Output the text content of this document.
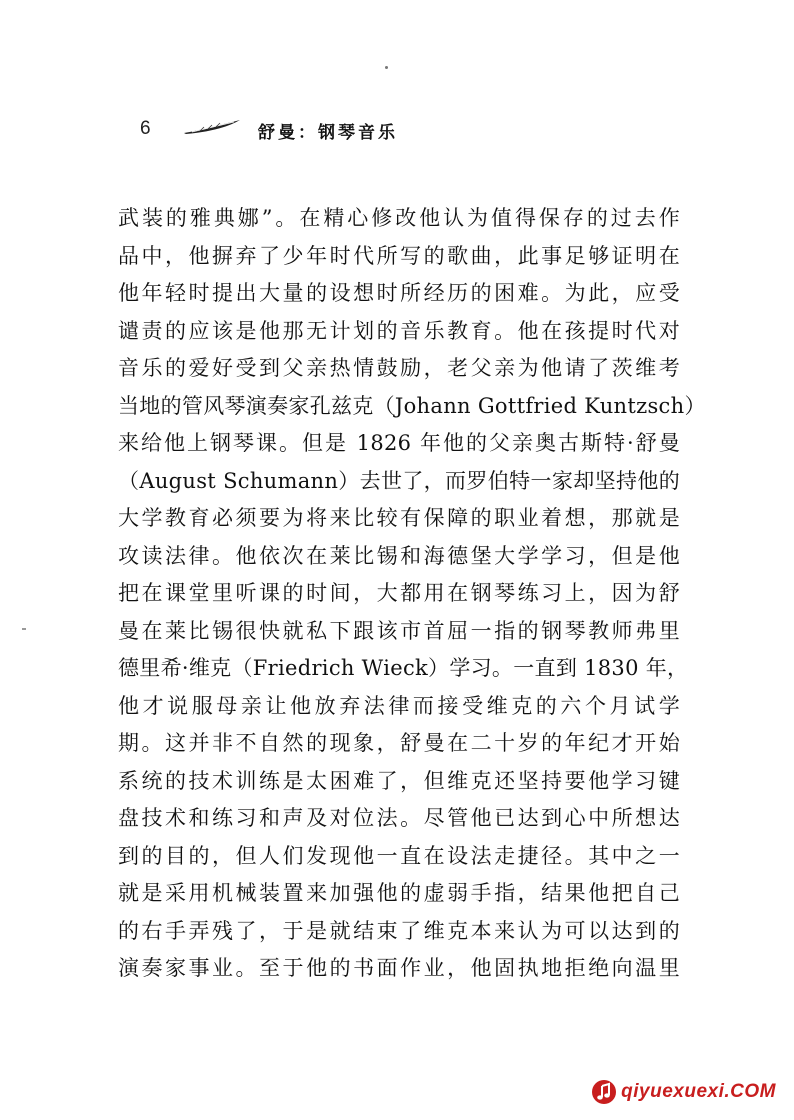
6	舒曼：钢琴音乐
武装的雅典娜”。在精心修改他认为值得保存的过去作
品中，他摒弃了少年时代所写的歌曲，此事足够证明在
他年轻时提出大量的设想时所经历的困难。为此，应受
谴责的应该是他那无计划的音乐教育。他在孩提时代对
音乐的爱好受到父亲热情鼓励，老父亲为他请了茨维考
当地的管风琴演奏家孔兹克（Johann Gottfried Kuntzsch）
来给他上钢琴课。但是 1826 年他的父亲奥古斯特·舒曼
（August Schumann）去世了，而罗伯特一家却坚持他的
大学教育必须要为将来比较有保障的职业着想，那就是
攻读法律。他依次在莱比锡和海德堡大学学习，但是他
把在课堂里听课的时间，大都用在钢琴练习上，因为舒
曼在莱比锡很快就私下跟该市首屈一指的钢琴教师弗里
德里希·维克（Friedrich Wieck）学习。一直到 1830 年，
他才说服母亲让他放弃法律而接受维克的六个月试学
期。这并非不自然的现象，舒曼在二十岁的年纪才开始
系统的技术训练是太困难了，但维克还坚持要他学习键
盘技术和练习和声及对位法。尽管他已达到心中所想达
到的目的，但人们发现他一直在设法走捷径。其中之一
就是采用机械装置来加强他的虚弱手指，结果他把自己
的右手弄残了，于是就结束了维克本来认为可以达到的
演奏家事业。至于他的书面作业，他固执地拒绝向温里
qiyuexuexi.COM
